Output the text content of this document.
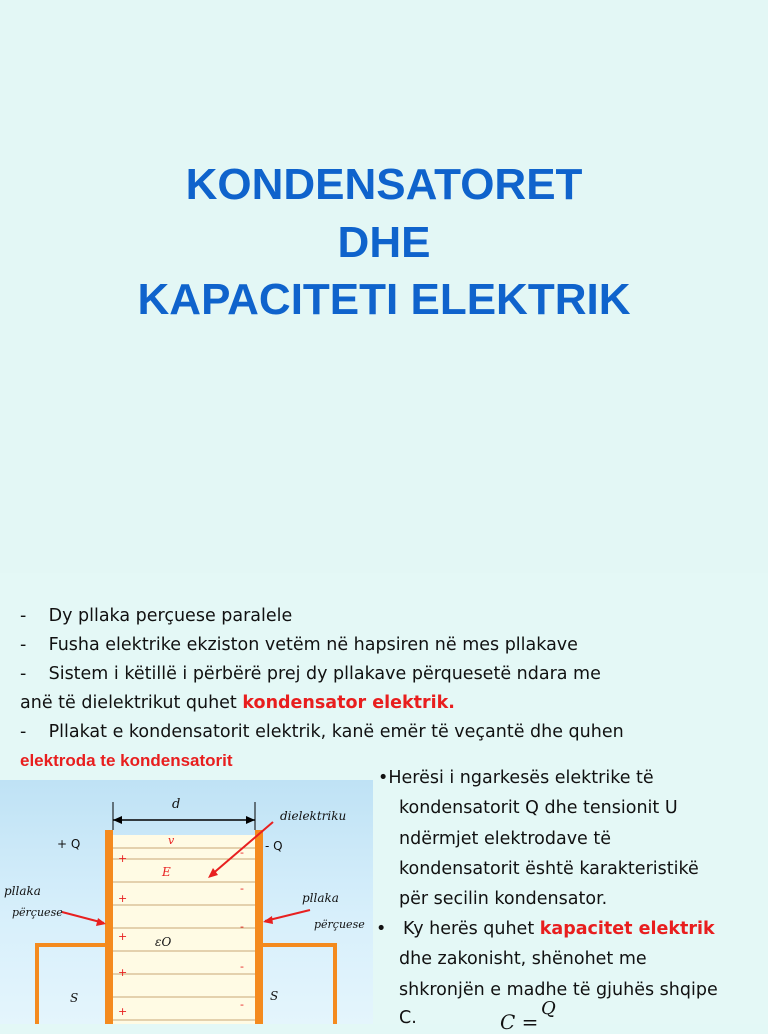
KONDENSATORET
DHE
KAPACITETI ELEKTRIK
- Dy pllaka perçuese paralele
- Fusha elektrike ekziston vetëm në hapsiren në mes pllakave
- Sistem i këtillë i përbërë prej dy pllakave përquesetë ndara me
anë të dielektrikut quhet kondensator elektrik.
- Pllakat e kondensatorit elektrik, kanë emër të veçantë dhe quhen
elektroda te kondensatorit
+
+
+
+
+
-
-
-
-
-
d
dielektriku
v
E
εO
pllaka
përçuese
pllaka
përçuese
S	S
+ Q	- Q
•Herësi i ngarkesës elektrike të
kondensatorit Q dhe tensionit U
ndërmjet elektrodave të
kondensatorit është karakteristikë
për secilin kondensator.
• Ky herës quhet kapacitet elektrik
dhe zakonisht, shënohet me
shkronjën e madhe të gjuhës shqipe
C.	C =
Q
